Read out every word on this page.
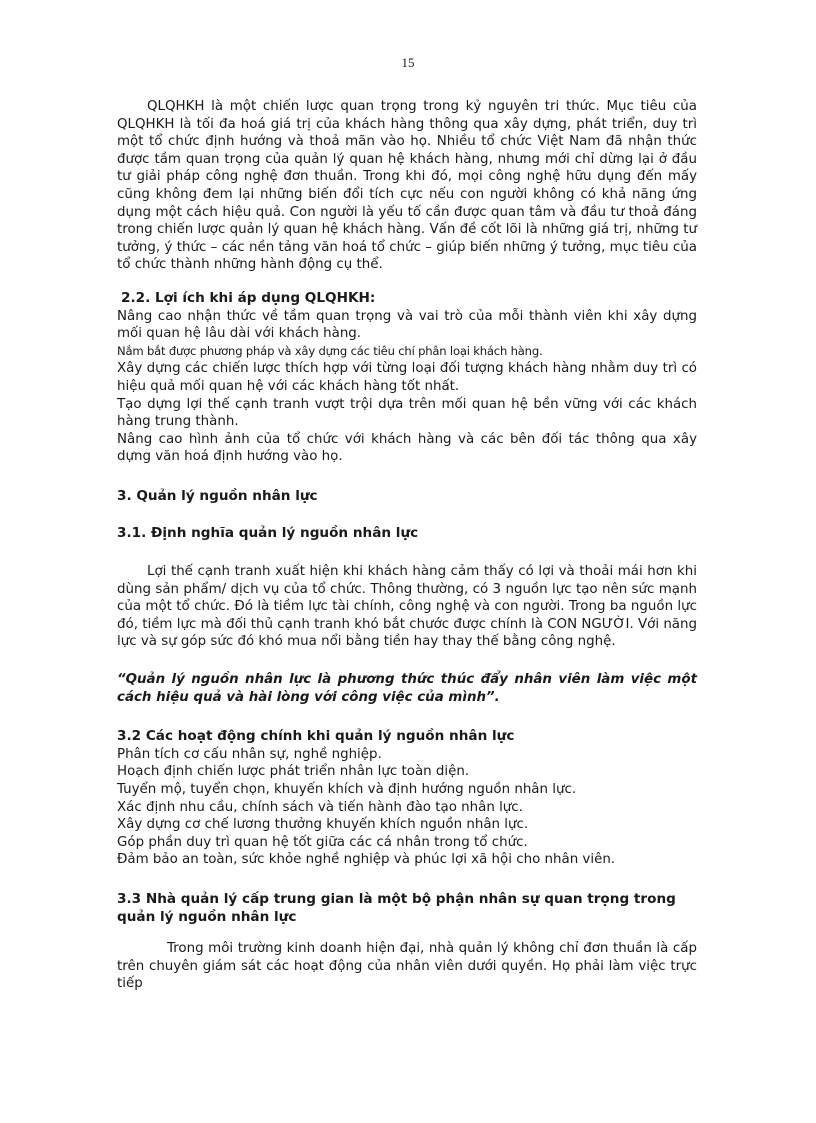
15

QLQHKH là một chiến lược quan trọng trong kỷ nguyên tri thức. Mục tiêu của QLQHKH là tối đa hoá giá trị của khách hàng thông qua xây dựng, phát triển, duy trì một tổ chức định hướng và thoả mãn vào họ. Nhiều tổ chức Việt Nam đã nhận thức được tầm quan trọng của quản lý quan hệ khách hàng, nhưng mới chỉ dừng lại ở đầu tư giải pháp công nghệ đơn thuần. Trong khi đó, mọi công nghệ hữu dụng đến mấy cũng không đem lại những biến đổi tích cực nếu con người không có khả năng ứng dụng một cách hiệu quả. Con người là yếu tố cần được quan tâm và đầu tư thoả đáng trong chiến lược quản lý quan hệ khách hàng. Vấn đề cốt lõi là những giá trị, những tư tưởng, ý thức – các nền tảng văn hoá tổ chức – giúp biến những ý tưởng, mục tiêu của tổ chức thành những hành động cụ thể.

2.2. Lợi ích khi áp dụng QLQHKH:
Nâng cao nhận thức về tầm quan trọng và vai trò của mỗi thành viên khi xây dựng mối quan hệ lâu dài với khách hàng.
Nắm bắt được phương pháp và xây dựng các tiêu chí phân loại khách hàng.
Xây dựng các chiến lược thích hợp với từng loại đối tượng khách hàng nhằm duy trì có hiệu quả mối quan hệ với các khách hàng tốt nhất.
Tạo dựng lợi thế cạnh tranh vượt trội dựa trên mối quan hệ bền vững với các khách hàng trung thành.
Nâng cao hình ảnh của tổ chức với khách hàng và các bên đối tác thông qua xây dựng văn hoá định hướng vào họ.
3. Quản lý nguồn nhân lực
3.1. Định nghĩa quản lý nguồn nhân lực

Lợi thế cạnh tranh xuất hiện khi khách hàng cảm thấy có lợi và thoải mái hơn khi dùng sản phẩm/ dịch vụ của tổ chức. Thông thường, có 3 nguồn lực tạo nên sức mạnh của một tổ chức. Đó là tiềm lực tài chính, công nghệ và con người. Trong ba nguồn lực đó, tiềm lực mà đối thủ cạnh tranh khó bắt chước được chính là CON NGƯỜI. Với năng lực và sự góp sức đó khó mua nổi bằng tiền hay thay thế bằng công nghệ.

“Quản lý nguồn nhân lực là phương thức thúc đẩy nhân viên làm việc một cách hiệu quả và hài lòng với công việc của mình”.

3.2 Các hoạt động chính khi quản lý nguồn nhân lực
Phân tích cơ cấu nhân sự, nghề nghiệp.
Hoạch định chiến lược phát triển nhân lực toàn diện.
Tuyển mộ, tuyển chọn, khuyến khích và định hướng nguồn nhân lực.
Xác định nhu cầu, chính sách và tiến hành đào tạo nhân lực.
Xây dựng cơ chế lương thưởng khuyến khích nguồn nhân lực.
Góp phần duy trì quan hệ tốt giữa các cá nhân trong tổ chức.
Đảm bảo an toàn, sức khỏe nghề nghiệp và phúc lợi xã hội cho nhân viên.
3.3 Nhà quản lý cấp trung gian là một bộ phận nhân sự quan trọng trong quản lý nguồn nhân lực

Trong môi trường kinh doanh hiện đại, nhà quản lý không chỉ đơn thuần là cấp trên chuyên giám sát các hoạt động của nhân viên dưới quyền. Họ phải làm việc trực tiếp
